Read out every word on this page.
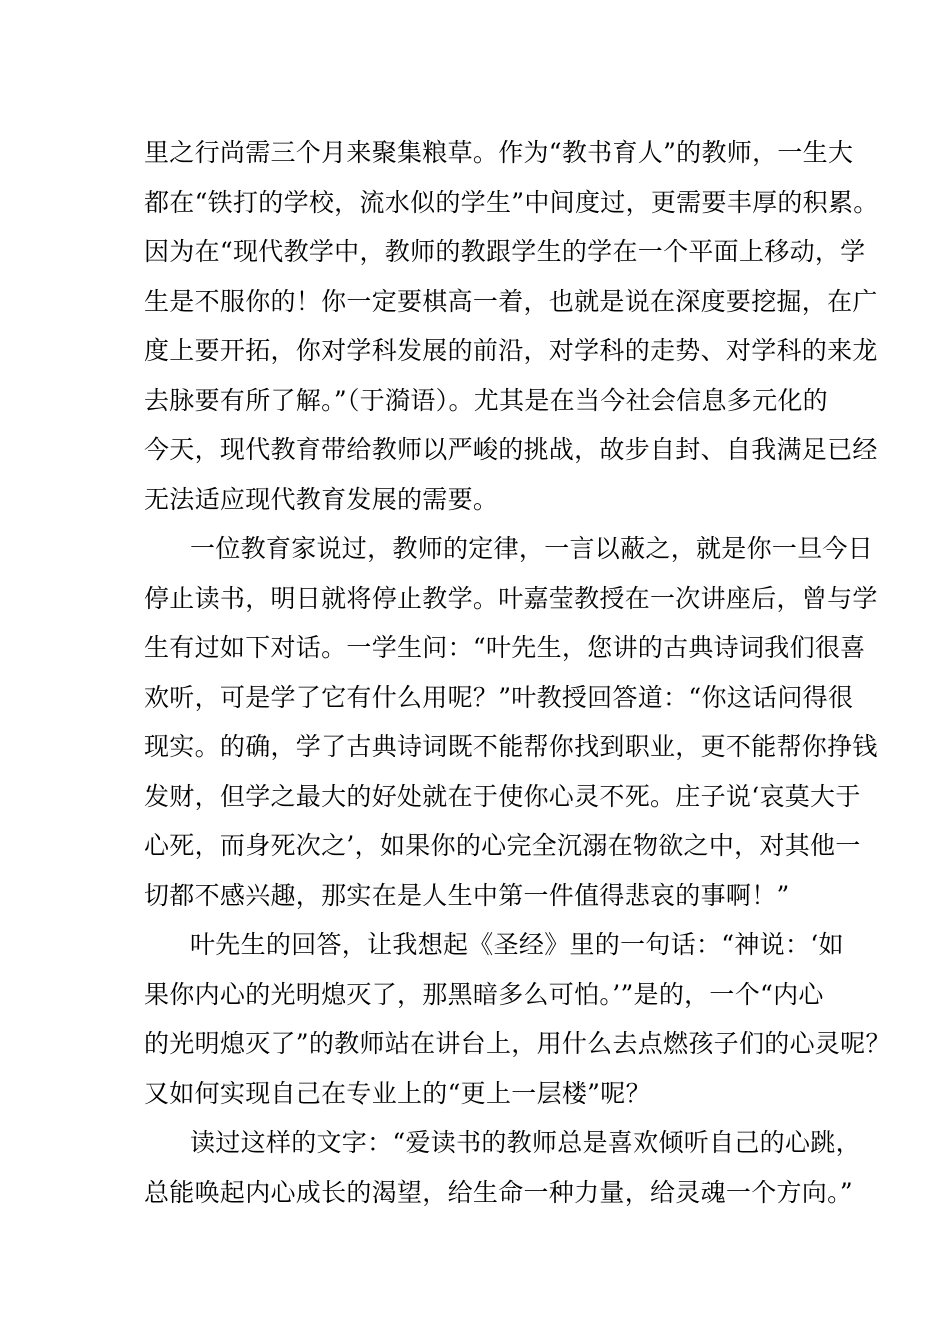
里之行尚需三个月来聚集粮草。作为“教书育人”的教师，一生大
都在“铁打的学校，流水似的学生”中间度过，更需要丰厚的积累。
因为在“现代教学中，教师的教跟学生的学在一个平面上移动，学
生是不服你的！你一定要棋高一着，也就是说在深度要挖掘，在广
度上要开拓，你对学科发展的前沿，对学科的走势、对学科的来龙
去脉要有所了解。”（于漪语）。尤其是在当今社会信息多元化的
今天，现代教育带给教师以严峻的挑战，故步自封、自我满足已经
无法适应现代教育发展的需要。
一位教育家说过，教师的定律，一言以蔽之，就是你一旦今日
停止读书，明日就将停止教学。叶嘉莹教授在一次讲座后，曾与学
生有过如下对话。一学生问：“叶先生，您讲的古典诗词我们很喜
欢听，可是学了它有什么用呢？”叶教授回答道：“你这话问得很
现实。的确，学了古典诗词既不能帮你找到职业，更不能帮你挣钱
发财，但学之最大的好处就在于使你心灵不死。庄子说‘哀莫大于
心死，而身死次之’，如果你的心完全沉溺在物欲之中，对其他一
切都不感兴趣，那实在是人生中第一件值得悲哀的事啊！”
叶先生的回答，让我想起《圣经》里的一句话：“神说：‘如
果你内心的光明熄灭了，那黑暗多么可怕。’”是的，一个“内心
的光明熄灭了”的教师站在讲台上，用什么去点燃孩子们的心灵呢？
又如何实现自己在专业上的“更上一层楼”呢？
读过这样的文字：“爱读书的教师总是喜欢倾听自己的心跳，
总能唤起内心成长的渴望，给生命一种力量，给灵魂一个方向。”
